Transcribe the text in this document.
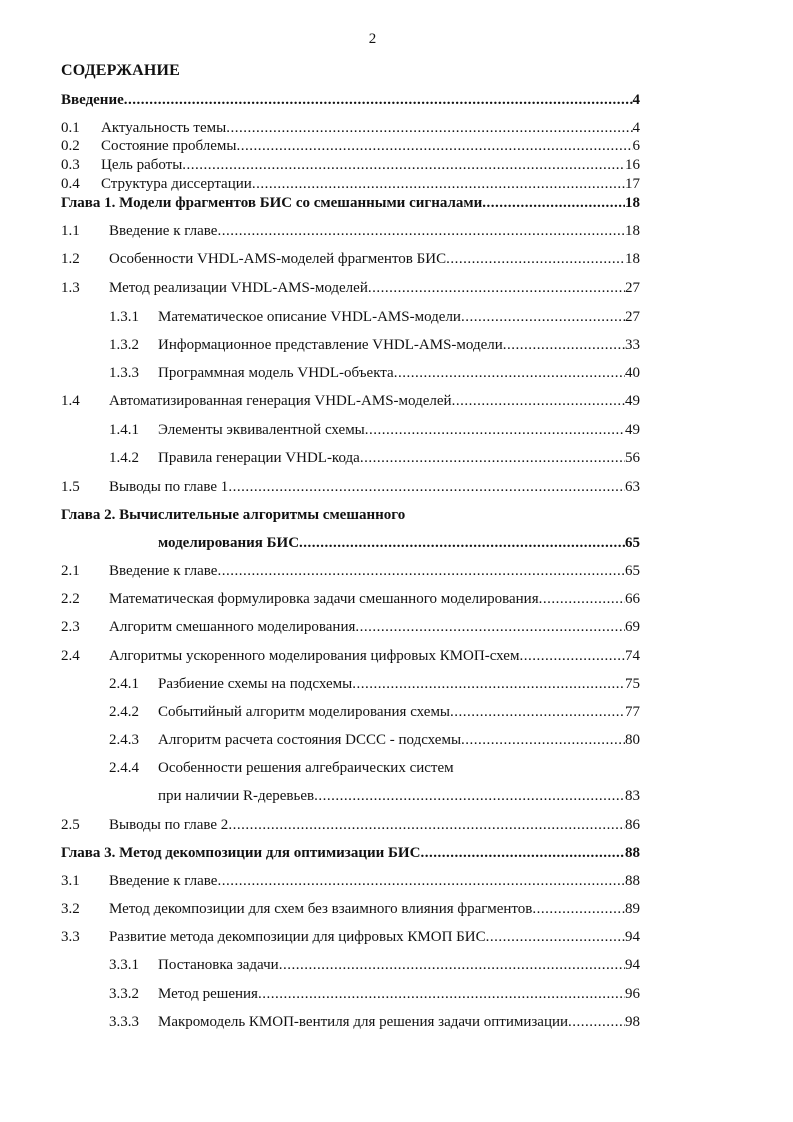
2
СОДЕРЖАНИЕ
Введение .....	4
0.1 Актуальность темы .....	4
0.2 Состояние проблемы .....	6
0.3 Цель работы .....	16
0.4 Структура диссертации .....	17
Глава 1. Модели фрагментов БИС со смешанными сигналами .....	18
1.1 Введение к главе .....	18
1.2 Особенности VHDL-AMS-моделей фрагментов БИС .....	18
1.3 Метод реализации VHDL-AMS-моделей .....	27
1.3.1 Математическое описание VHDL-AMS-модели .....	27
1.3.2 Информационное представление VHDL-AMS-модели .....	33
1.3.3 Программная модель VHDL-объекта .....	40
1.4 Автоматизированная генерация VHDL-AMS-моделей .....	49
1.4.1 Элементы эквивалентной схемы .....	49
1.4.2 Правила генерации VHDL-кода .....	56
1.5 Выводы по главе 1 .....	63
Глава 2. Вычислительные алгоритмы смешанного
моделирования БИС .....	65
2.1 Введение к главе .....	65
2.2 Математическая формулировка задачи смешанного моделирования .....	66
2.3 Алгоритм смешанного моделирования .....	69
2.4 Алгоритмы ускоренного моделирования цифровых КМОП-схем .....	74
2.4.1 Разбиение схемы на подсхемы .....	75
2.4.2 Событийный алгоритм моделирования схемы .....	77
2.4.3 Алгоритм расчета состояния DCCC - подсхемы .....	80
2.4.4 Особенности решения алгебраических систем
при наличии R-деревьев .....	83
2.5 Выводы по главе 2 .....	86
Глава 3. Метод декомпозиции для оптимизации БИС .....	88
3.1 Введение к главе .....	88
3.2 Метод декомпозиции для схем без взаимного влияния фрагментов .....	89
3.3 Развитие метода декомпозиции для цифровых КМОП БИС .....	94
3.3.1 Постановка задачи .....	94
3.3.2 Метод решения .....	96
3.3.3 Макромодель КМОП-вентиля для решения задачи оптимизации .....	98
